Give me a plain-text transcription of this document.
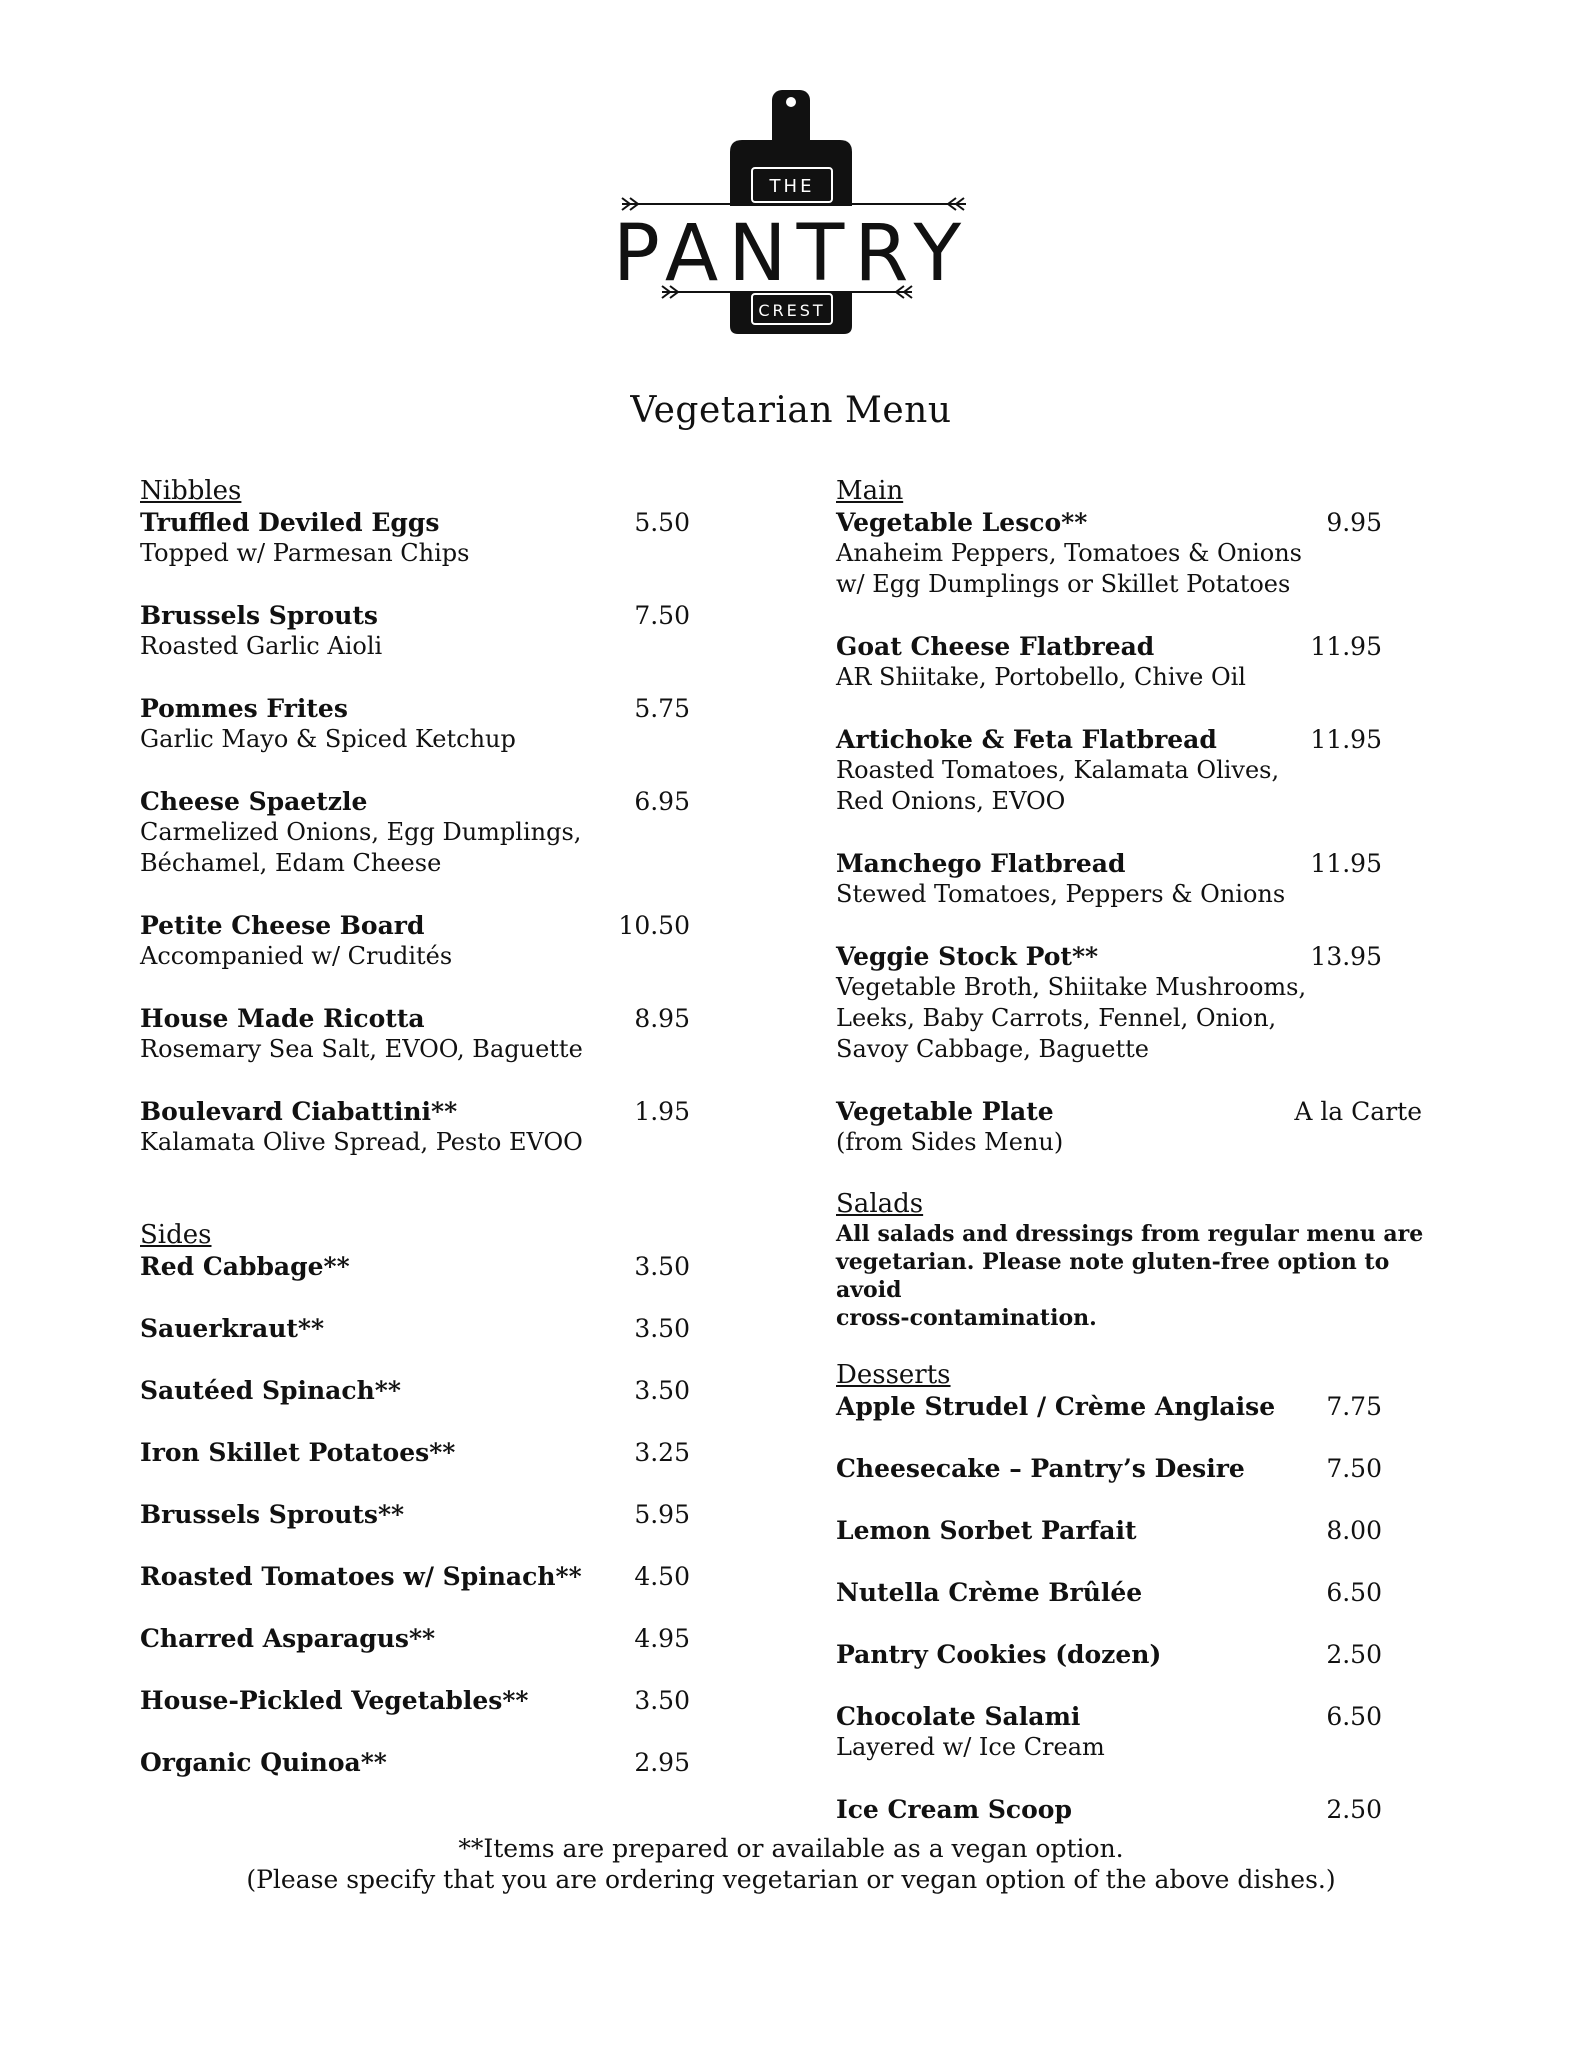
THE
CREST
PANTRY
Vegetarian Menu
Nibbles
Truffled Deviled Eggs	5.50
Topped w/ Parmesan Chips
Brussels Sprouts	7.50
Roasted Garlic Aioli
Pommes Frites	5.75
Garlic Mayo & Spiced Ketchup
Cheese Spaetzle	6.95
Carmelized Onions, Egg Dumplings,
Béchamel, Edam Cheese
Petite Cheese Board	10.50
Accompanied w/ Crudités
House Made Ricotta	8.95
Rosemary Sea Salt, EVOO, Baguette
Boulevard Ciabattini**	1.95
Kalamata Olive Spread, Pesto EVOO
Sides
Red Cabbage**	3.50
Sauerkraut**	3.50
Sautéed Spinach**	3.50
Iron Skillet Potatoes**	3.25
Brussels Sprouts**	5.95
Roasted Tomatoes w/ Spinach** 4.50
Charred Asparagus**	4.95
House-Pickled Vegetables**	3.50
Organic Quinoa**	2.95
Main
Vegetable Lesco**	9.95
Anaheim Peppers, Tomatoes & Onions
w/ Egg Dumplings or Skillet Potatoes
Goat Cheese Flatbread	11.95
AR Shiitake, Portobello, Chive Oil
Artichoke & Feta Flatbread	11.95
Roasted Tomatoes, Kalamata Olives,
Red Onions, EVOO
Manchego Flatbread	11.95
Stewed Tomatoes, Peppers & Onions
Veggie Stock Pot**	13.95
Vegetable Broth, Shiitake Mushrooms,
Leeks, Baby Carrots, Fennel, Onion,
Savoy Cabbage, Baguette
Vegetable Plate	A la Carte
(from Sides Menu)
Salads
All salads and dressings from regular menu are
vegetarian. Please note gluten-free option to avoid
cross-contamination.
Desserts
Apple Strudel / Crème Anglaise 7.75
Cheesecake – Pantry’s Desire	7.50
Lemon Sorbet Parfait	8.00
Nutella Crème Brûlée	6.50
Pantry Cookies (dozen)	2.50
Chocolate Salami	6.50
Layered w/ Ice Cream
Ice Cream Scoop	2.50
**Items are prepared or available as a vegan option.
(Please specify that you are ordering vegetarian or vegan option of the above dishes.)
